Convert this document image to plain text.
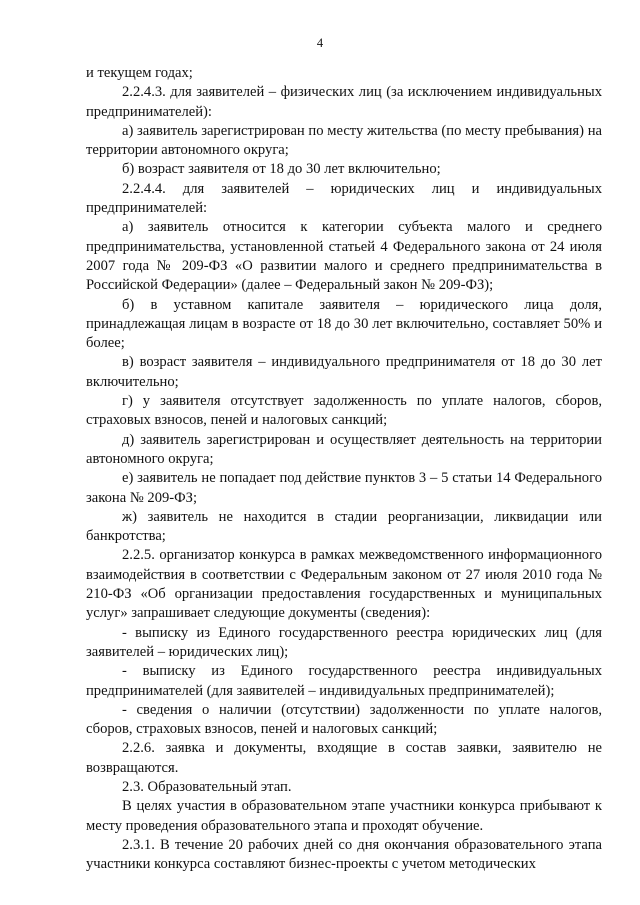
4

и текущем годах;

2.2.4.3. для заявителей – физических лиц (за исключением индивидуальных предпринимателей):

а) заявитель зарегистрирован по месту жительства (по месту пребывания) на территории автономного округа;

б) возраст заявителя от 18 до 30 лет включительно;

2.2.4.4. для заявителей – юридических лиц и индивидуальных предпринимателей:

а) заявитель относится к категории субъекта малого и среднего предпринимательства, установленной статьей 4 Федерального закона от 24 июля 2007 года № 209-ФЗ «О развитии малого и среднего предпринимательства в Российской Федерации» (далее – Федеральный закон № 209-ФЗ);

б) в уставном капитале заявителя – юридического лица доля, принадлежащая лицам в возрасте от 18 до 30 лет включительно, составляет 50% и более;

в) возраст заявителя – индивидуального предпринимателя от 18 до 30 лет включительно;

г) у заявителя отсутствует задолженность по уплате налогов, сборов, страховых взносов, пеней и налоговых санкций;

д) заявитель зарегистрирован и осуществляет деятельность на территории автономного округа;

е) заявитель не попадает под действие пунктов 3 – 5 статьи 14 Федерального закона № 209-ФЗ;

ж) заявитель не находится в стадии реорганизации, ликвидации или банкротства;

2.2.5. организатор конкурса в рамках межведомственного информационного взаимодействия в соответствии с Федеральным законом от 27 июля 2010 года № 210-ФЗ «Об организации предоставления государственных и муниципальных услуг» запрашивает следующие документы (сведения):

- выписку из Единого государственного реестра юридических лиц (для заявителей – юридических лиц);

- выписку из Единого государственного реестра индивидуальных предпринимателей (для заявителей – индивидуальных предпринимателей);

- сведения о наличии (отсутствии) задолженности по уплате налогов, сборов, страховых взносов, пеней и налоговых санкций;

2.2.6. заявка и документы, входящие в состав заявки, заявителю не возвращаются.

2.3. Образовательный этап.

В целях участия в образовательном этапе участники конкурса прибывают к месту проведения образовательного этапа и проходят обучение.

2.3.1. В течение 20 рабочих дней со дня окончания образовательного этапа участники конкурса составляют бизнес-проекты с учетом методических
